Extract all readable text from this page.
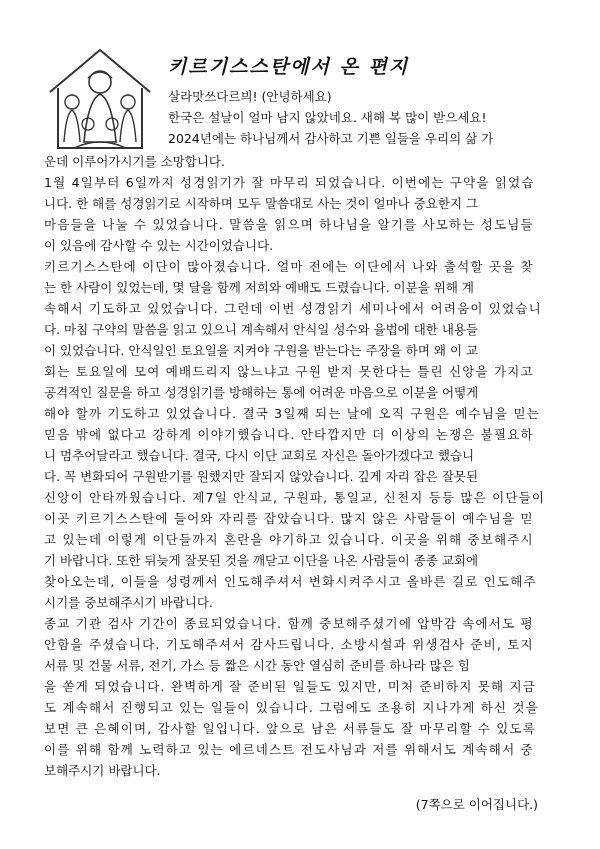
키르기스스탄에서 온 편지
살라맛쓰다르븨! (안녕하세요)
한국은 설날이 얼마 남지 않았네요. 새해 복 많이 받으세요!
2024년에는 하나님께서 감사하고 기쁜 일들을 우리의 삶 가
운데 이루어가시기를 소망합니다.
1월 4일부터 6일까지 성경읽기가 잘 마무리 되었습니다. 이번에는 구약을 읽었습
니다. 한 해를 성경읽기로 시작하며 모두 말씀대로 사는 것이 얼마나 중요한지 그
마음들을 나눌 수 있었습니다. 말씀을 읽으며 하나님을 알기를 사모하는 성도님들
이 있음에 감사할 수 있는 시간이었습니다.
키르기스스탄에 이단이 많아졌습니다. 얼마 전에는 이단에서 나와 출석할 곳을 찾
는 한 사람이 있었는데, 몇 달을 함께 저희와 예배도 드렸습니다. 이분을 위해 계
속해서 기도하고 있었습니다. 그런데 이번 성경읽기 세미나에서 어려움이 있었습니
다. 마침 구약의 말씀을 읽고 있으니 계속해서 안식일 성수와 율법에 대한 내용들
이 있었습니다. 안식일인 토요일을 지켜야 구원을 받는다는 주장을 하며 왜 이 교
회는 토요일에 모여 예배드리지 않느냐고 구원 받지 못한다는 틀린 신앙을 가지고
공격적인 질문을 하고 성경읽기를 방해하는 통에 어려운 마음으로 이분을 어떻게
해야 할까 기도하고 있었습니다. 결국 3일째 되는 날에 오직 구원은 예수님을 믿는
믿음 밖에 없다고 강하게 이야기했습니다. 안타깝지만 더 이상의 논쟁은 불필요하
니 멈추어달라고 했습니다. 결국, 다시 이단 교회로 자신은 돌아가겠다고 했습니
다. 꼭 변화되어 구원받기를 원했지만 잘되지 않았습니다. 깊게 자리 잡은 잘못된
신앙이 안타까웠습니다. 제7일 안식교, 구원파, 통일교, 신천지 등등 많은 이단들이
이곳 키르기스스탄에 들어와 자리를 잡았습니다. 많지 않은 사람들이 예수님을 믿
고 있는데 이렇게 이단들까지 혼란을 야기하고 있습니다. 이곳을 위해 중보해주시
기 바랍니다. 또한 뒤늦게 잘못된 것을 깨닫고 이단을 나온 사람들이 종종 교회에
찾아오는데, 이들을 성령께서 인도해주셔서 변화시켜주시고 올바른 길로 인도해주
시기를 중보해주시기 바랍니다.
종교 기관 검사 기간이 종료되었습니다. 함께 중보해주셨기에 압박감 속에서도 평
안함을 주셨습니다. 기도해주셔서 감사드립니다. 소방시설과 위생검사 준비, 토지
서류 및 건물 서류, 전기, 가스 등 짧은 시간 동안 열심히 준비를 하나라 많은 힘
을 쏟게 되었습니다. 완벽하게 잘 준비된 일들도 있지만, 미처 준비하지 못해 지금
도 계속해서 진행되고 있는 일들이 있습니다. 그럼에도 조용히 지나가게 하신 것을
보면 큰 은혜이며, 감사할 일입니다. 앞으로 남은 서류들도 잘 마무리할 수 있도록
이를 위해 함께 노력하고 있는 에르네스트 전도사님과 저를 위해서도 계속해서 중
보해주시기 바랍니다.
(7쪽으로 이어집니다.)
